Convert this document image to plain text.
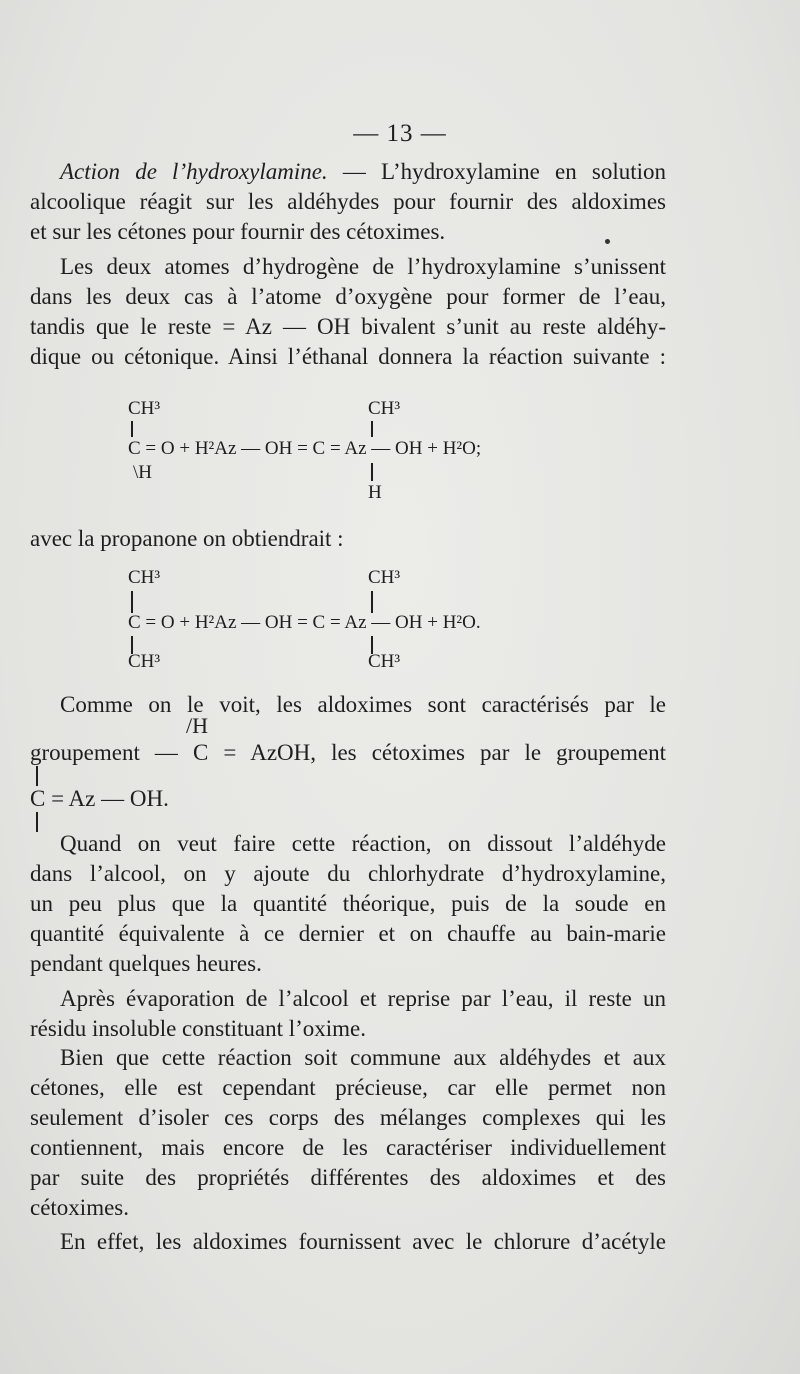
— 13 —
Action de l’hydroxylamine. — L’hydroxylamine en solution
alcoolique réagit sur les aldéhydes pour fournir des aldoximes
et sur les cétones pour fournir des cétoximes.
Les deux atomes d’hydrogène de l’hydroxylamine s’unissent
dans les deux cas à l’atome d’oxygène pour former de l’eau,
tandis que le reste = Az — OH bivalent s’unit au reste aldéhy-
dique ou cétonique. Ainsi l’éthanal donnera la réaction suivante :
CH³	CH³
C = O + H²Az — OH = C = Az — OH + H²O;
\H
H
avec la propanone on obtiendrait :
CH³	CH³
C = O + H²Az — OH = C = Az — OH + H²O.
CH³	CH³
Comme on le voit, les aldoximes sont caractérisés par le
/H
groupement — C = AzOH, les cétoximes par le groupement
C = Az — OH.
Quand on veut faire cette réaction, on dissout l’aldéhyde
dans l’alcool, on y ajoute du chlorhydrate d’hydroxylamine,
un peu plus que la quantité théorique, puis de la soude en
quantité équivalente à ce dernier et on chauffe au bain-marie
pendant quelques heures.
Après évaporation de l’alcool et reprise par l’eau, il reste un
résidu insoluble constituant l’oxime.
Bien que cette réaction soit commune aux aldéhydes et aux
cétones, elle est cependant précieuse, car elle permet non
seulement d’isoler ces corps des mélanges complexes qui les
contiennent, mais encore de les caractériser individuellement
par suite des propriétés différentes des aldoximes et des
cétoximes.
En effet, les aldoximes fournissent avec le chlorure d’acétyle
